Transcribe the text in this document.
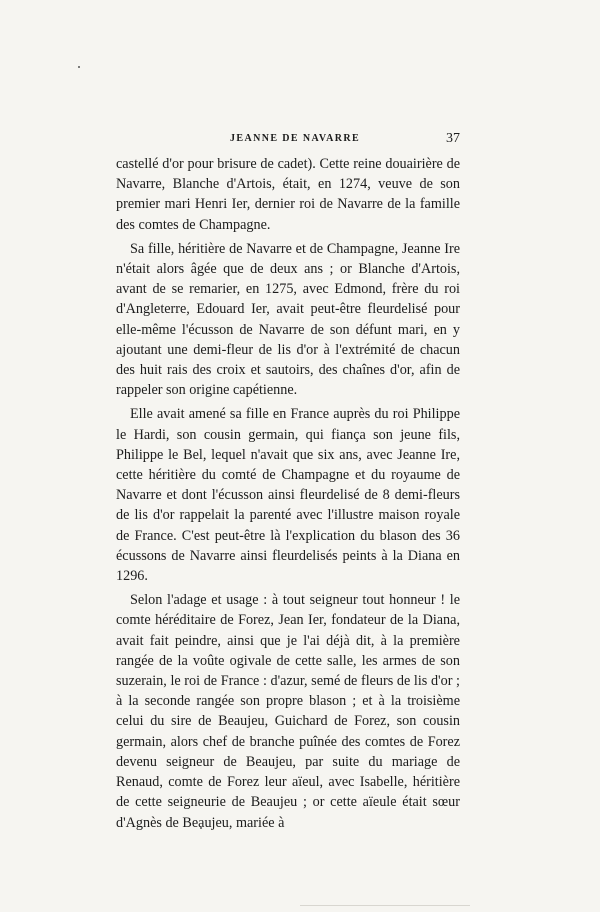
JEANNE DE NAVARRE	37

castellé d'or pour brisure de cadet). Cette reine douairière de Navarre, Blanche d'Artois, était, en 1274, veuve de son premier mari Henri Ier, dernier roi de Navarre de la famille des comtes de Champagne.

Sa fille, héritière de Navarre et de Champagne, Jeanne Ire n'était alors âgée que de deux ans ; or Blanche d'Artois, avant de se remarier, en 1275, avec Edmond, frère du roi d'Angleterre, Edouard Ier, avait peut-être fleurdelisé pour elle-même l'écusson de Navarre de son défunt mari, en y ajoutant une demi-fleur de lis d'or à l'extrémité de chacun des huit rais des croix et sautoirs, des chaînes d'or, afin de rappeler son origine capétienne.

Elle avait amené sa fille en France auprès du roi Philippe le Hardi, son cousin germain, qui fiança son jeune fils, Philippe le Bel, lequel n'avait que six ans, avec Jeanne Ire, cette héritière du comté de Champagne et du royaume de Navarre et dont l'écusson ainsi fleurdelisé de 8 demi-fleurs de lis d'or rappelait la parenté avec l'illustre maison royale de France. C'est peut-être là l'explication du blason des 36 écussons de Navarre ainsi fleurdelisés peints à la Diana en 1296.

Selon l'adage et usage : à tout seigneur tout honneur ! le comte héréditaire de Forez, Jean Ier, fondateur de la Diana, avait fait peindre, ainsi que je l'ai déjà dit, à la première rangée de la voûte ogivale de cette salle, les armes de son suzerain, le roi de France : d'azur, semé de fleurs de lis d'or ; à la seconde rangée son propre blason ; et à la troisième celui du sire de Beaujeu, Guichard de Forez, son cousin germain, alors chef de branche puînée des comtes de Forez devenu seigneur de Beaujeu, par suite du mariage de Renaud, comte de Forez leur aïeul, avec Isabelle, héritière de cette seigneurie de Beaujeu ; or cette aïeule était sœur d'Agnès de Beaujeu, mariée à
